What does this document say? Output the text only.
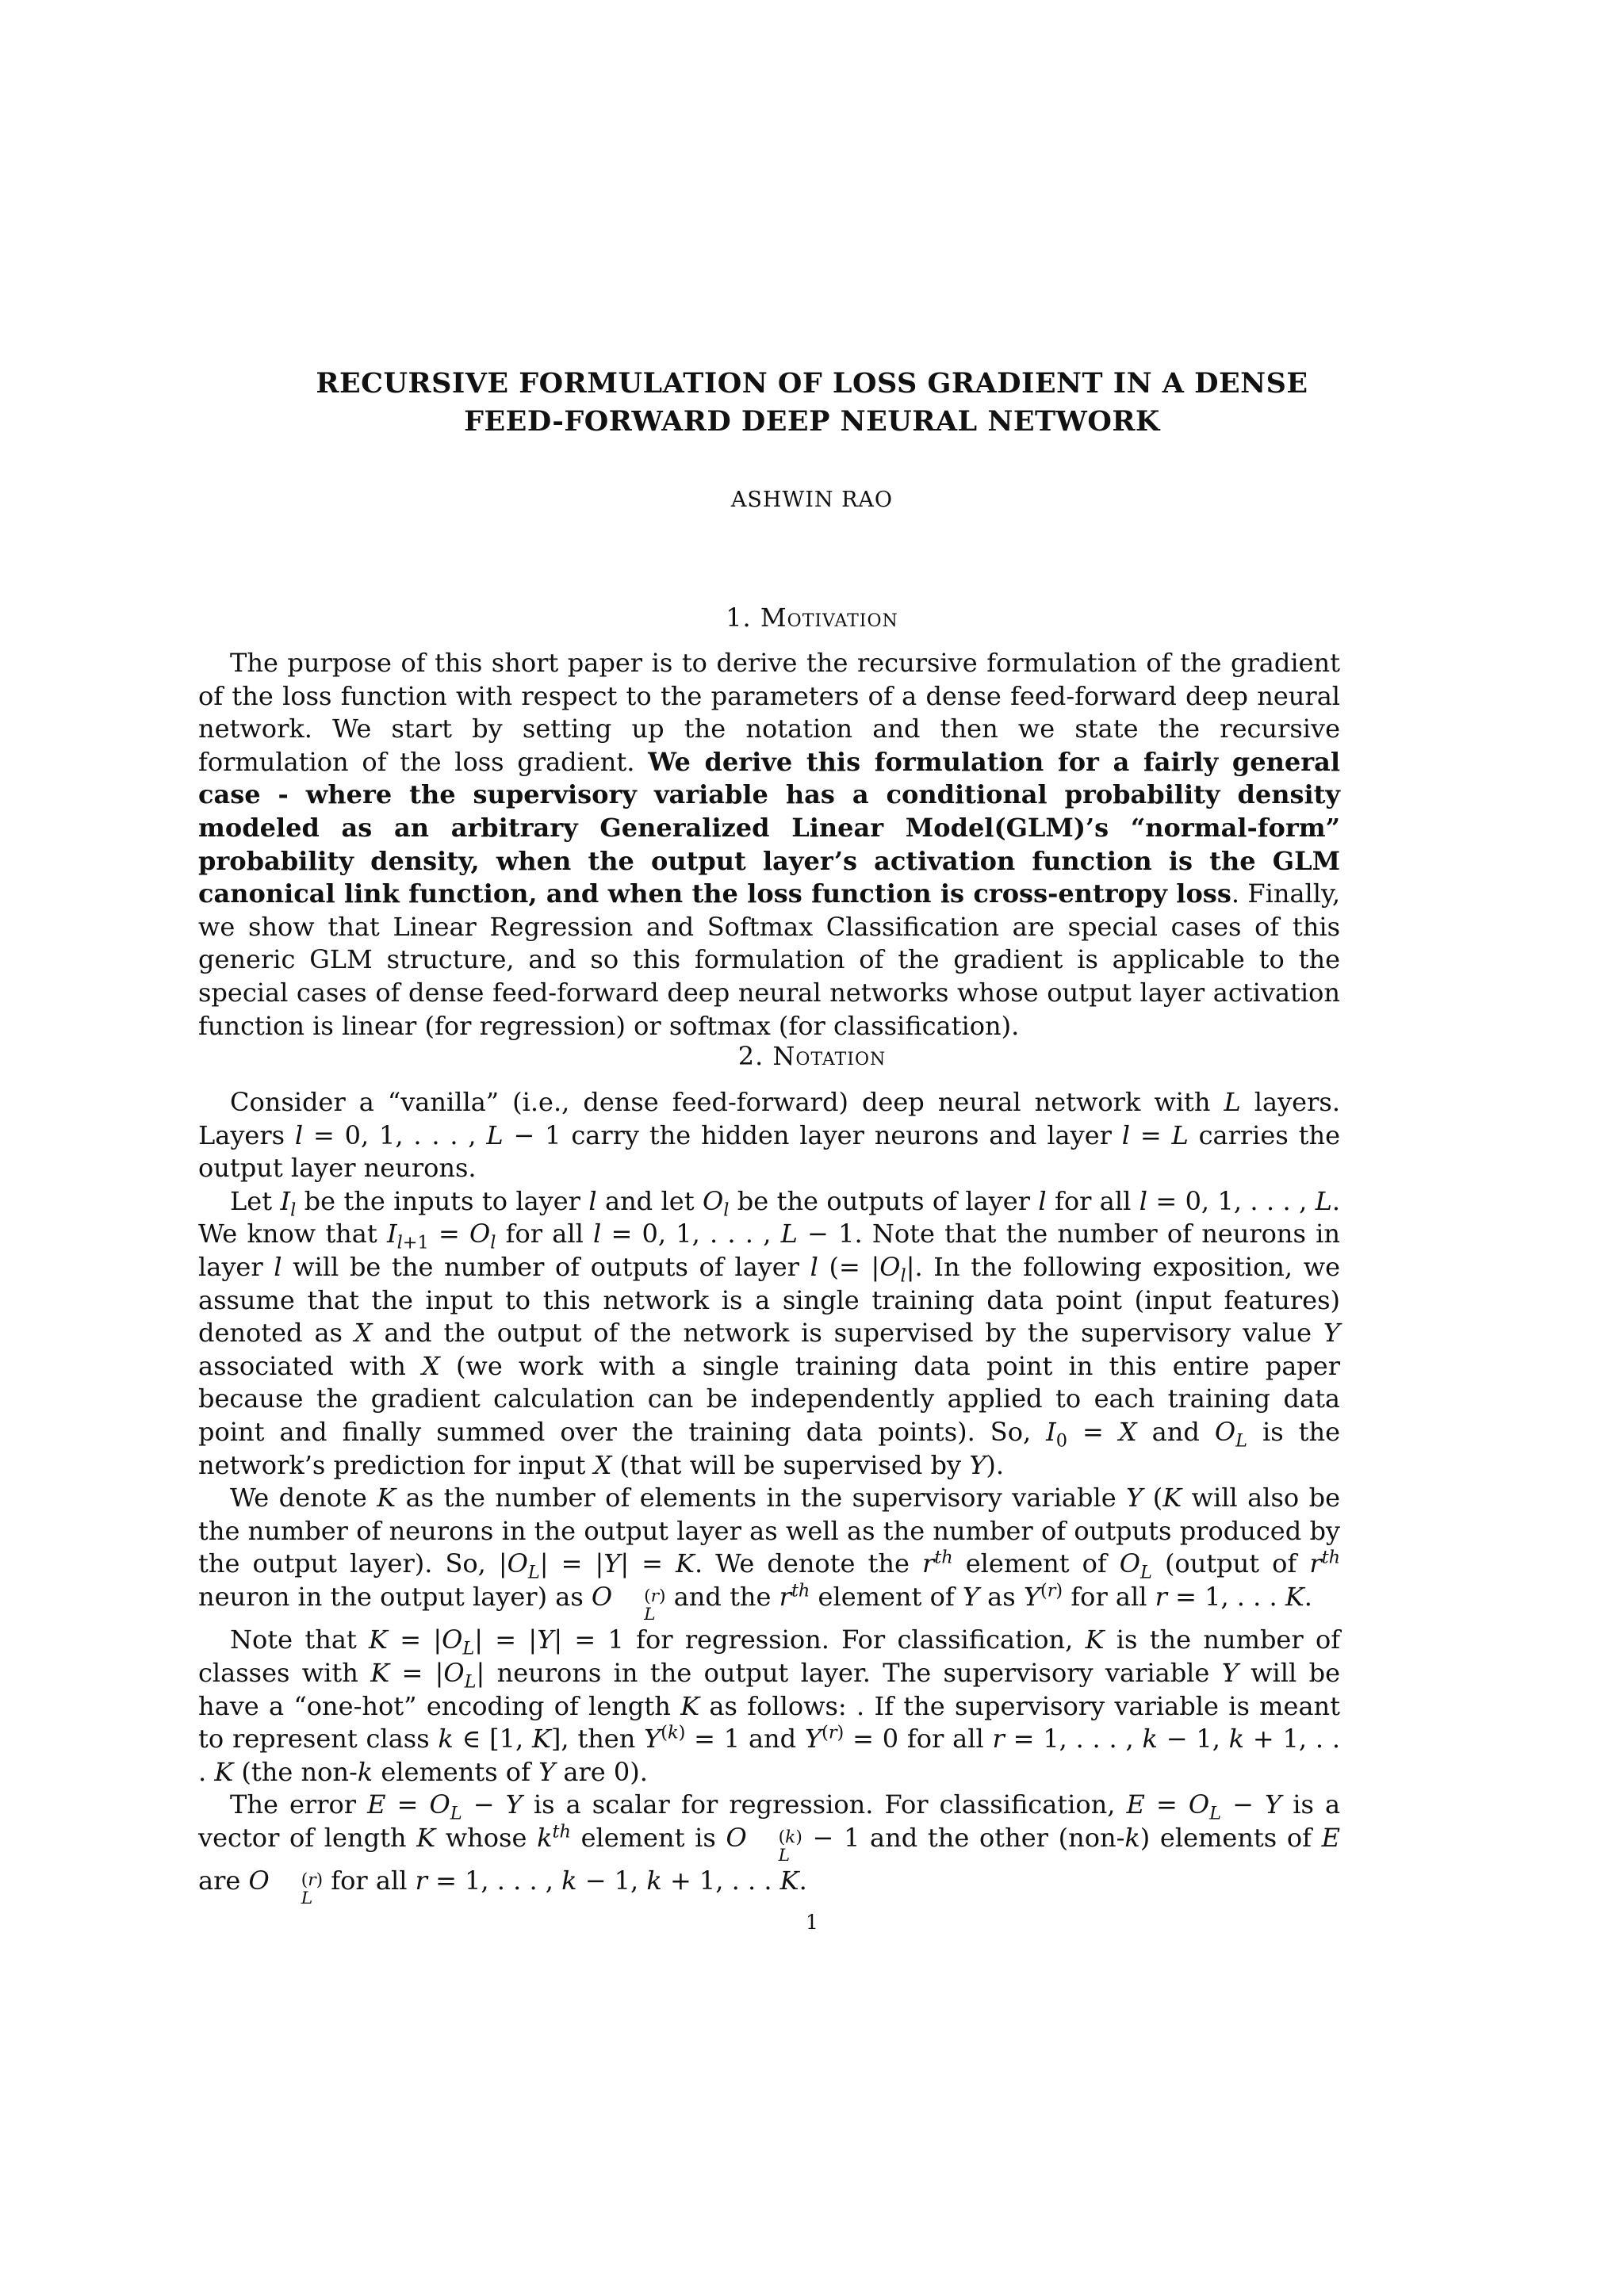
RECURSIVE FORMULATION OF LOSS GRADIENT IN A DENSE
FEED-FORWARD DEEP NEURAL NETWORK
ASHWIN RAO
1. Motivation

The purpose of this short paper is to derive the recursive formulation of the gradient of the loss function with respect to the parameters of a dense feed-forward deep neural network. We start by setting up the notation and then we state the recursive formulation of the loss gradient. We derive this formulation for a fairly general case - where the supervisory variable has a conditional probability density modeled as an arbitrary Generalized Linear Model(GLM)’s “normal-form” probability density, when the output layer’s activation function is the GLM canonical link function, and when the loss function is cross-entropy loss. Finally, we show that Linear Regression and Softmax Classification are special cases of this generic GLM structure, and so this formulation of the gradient is applicable to the special cases of dense feed-forward deep neural networks whose output layer activation function is linear (for regression) or softmax (for classification).

2. Notation

Consider a “vanilla” (i.e., dense feed-forward) deep neural network with L layers. Layers l = 0, 1, . . . , L − 1 carry the hidden layer neurons and layer l = L carries the output layer neurons.

Let $I_l$ be the inputs to layer l and let $O_l$ be the outputs of layer l for all l = 0, 1, . . . , L. We know that $I_{l+1} = O_l$ for all l = 0, 1, . . . , L − 1. Note that the number of neurons in layer l will be the number of outputs of layer l (= $|O_l|$. In the following exposition, we assume that the input to this network is a single training data point (input features) denoted as X and the output of the network is supervised by the supervisory value Y associated with X (we work with a single training data point in this entire paper because the gradient calculation can be independently applied to each training data point and finally summed over the training data points). So, $I_0 = X$ and $O_L$ is the network’s prediction for input X (that will be supervised by Y).

We denote K as the number of elements in the supervisory variable Y (K will also be the number of neurons in the output layer as well as the number of outputs produced by the output layer). So, $|O_L| = |Y| = K$. We denote the $r^{th}$ element of $O_L$ (output of $r^{th}$ neuron in the output layer) as O	(r)
L
and the $r^{th}$ element of Y as $Y^{(r)}$ for all r = 1, . . . K.

Note that $K = |O_L| = |Y| = 1$ for regression. For classification, K is the number of classes with $K = |O_L|$ neurons in the output layer. The supervisory variable Y will be have a “one-hot” encoding of length K as follows: . If the supervisory variable is meant to represent class k ∈ [1, K], then $Y^{(k)} = 1$ and $Y^{(r)} = 0$ for all r = 1, . . . , k − 1, k + 1, . . . K (the non-k elements of Y are 0).

The error $E = O_L - Y$ is a scalar for regression. For classification, $E = O_L - Y$ is a vector of length K whose $k^{th}$ element is O	(k)
L
− 1 and the other (non-k) elements of E are O	(r)
L
for all r = 1, . . . , k − 1, k + 1, . . . K.

1
